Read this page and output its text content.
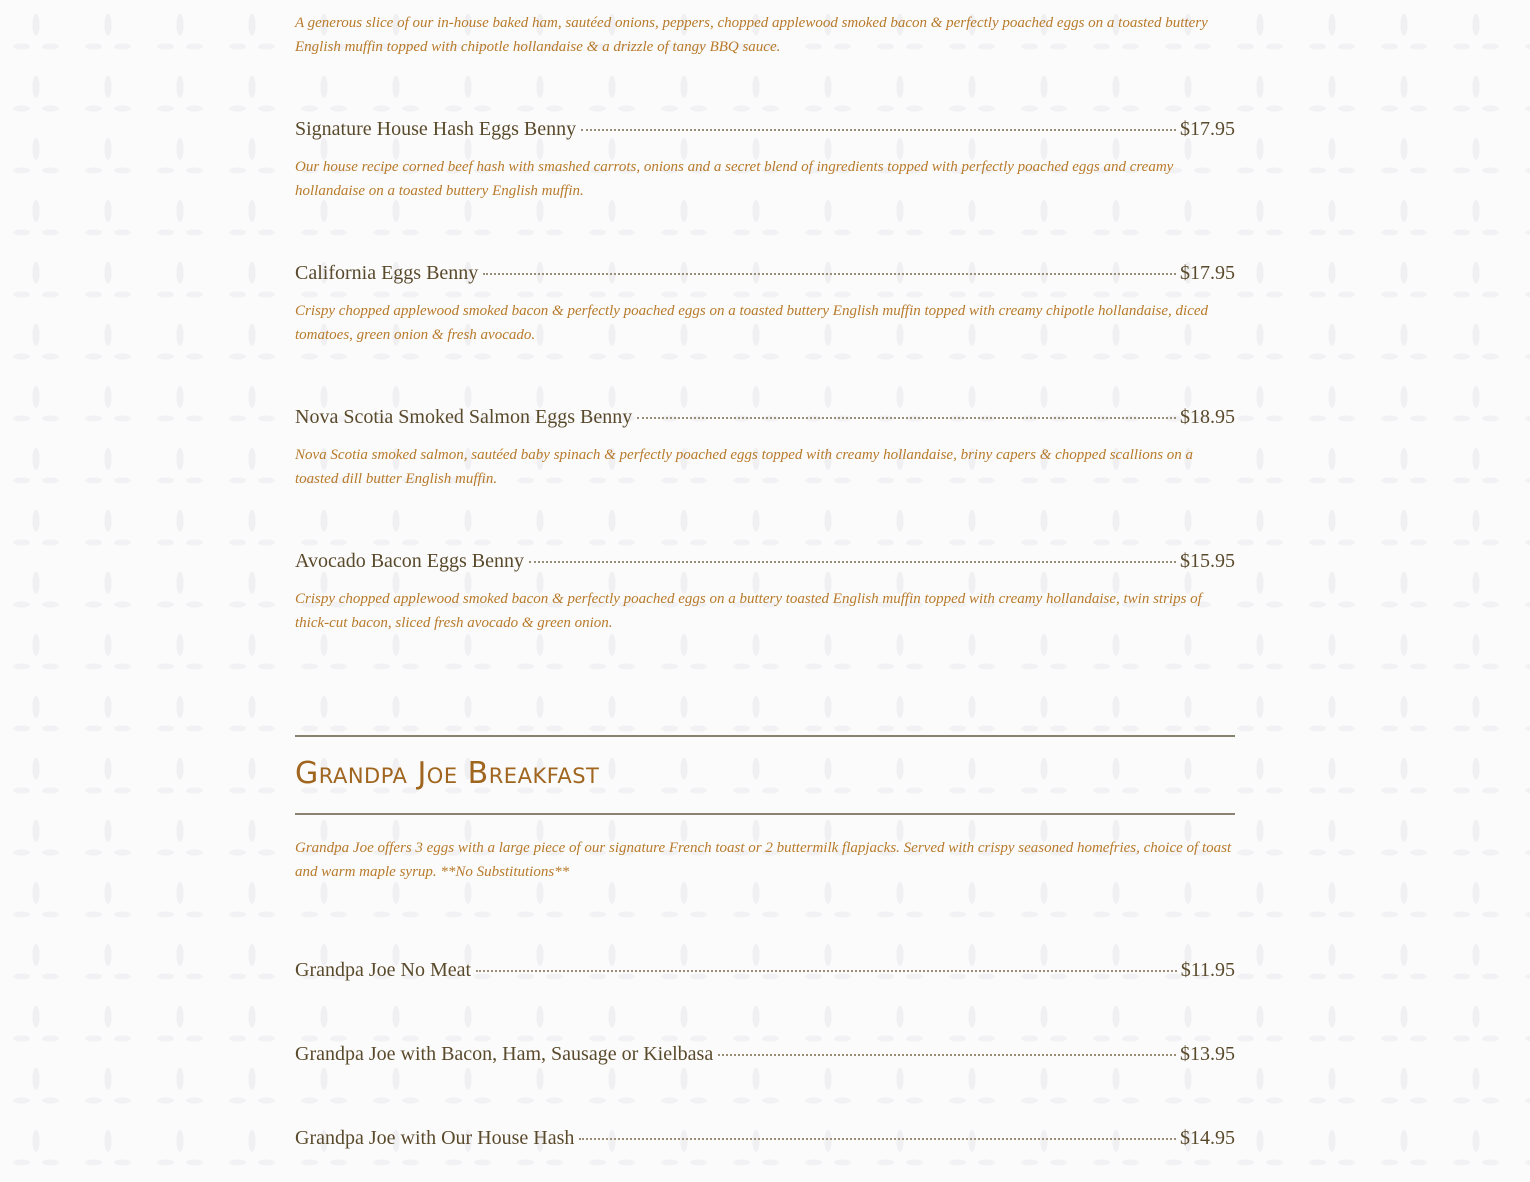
A generous slice of our in-house baked ham, sautéed onions, peppers, chopped applewood smoked bacon & perfectly poached eggs on a toasted buttery English muffin topped with chipotle hollandaise & a drizzle of tangy BBQ sauce.
Signature House Hash Eggs Benny	$17.95
Our house recipe corned beef hash with smashed carrots, onions and a secret blend of ingredients topped with perfectly poached eggs and creamy hollandaise on a toasted buttery English muffin.
California Eggs Benny	$17.95
Crispy chopped applewood smoked bacon & perfectly poached eggs on a toasted buttery English muffin topped with creamy chipotle hollandaise, diced tomatoes, green onion & fresh avocado.
Nova Scotia Smoked Salmon Eggs Benny	$18.95
Nova Scotia smoked salmon, sautéed baby spinach & perfectly poached eggs topped with creamy hollandaise, briny capers & chopped scallions on a toasted dill butter English muffin.
Avocado Bacon Eggs Benny	$15.95
Crispy chopped applewood smoked bacon & perfectly poached eggs on a buttery toasted English muffin topped with creamy hollandaise, twin strips of thick-cut bacon, sliced fresh avocado & green onion.
Grandpa Joe Breakfast
Grandpa Joe offers 3 eggs with a large piece of our signature French toast or 2 buttermilk flapjacks. Served with crispy seasoned homefries, choice of toast and warm maple syrup. **No Substitutions**
Grandpa Joe No Meat	$11.95
Grandpa Joe with Bacon, Ham, Sausage or Kielbasa	$13.95
Grandpa Joe with Our House Hash	$14.95
